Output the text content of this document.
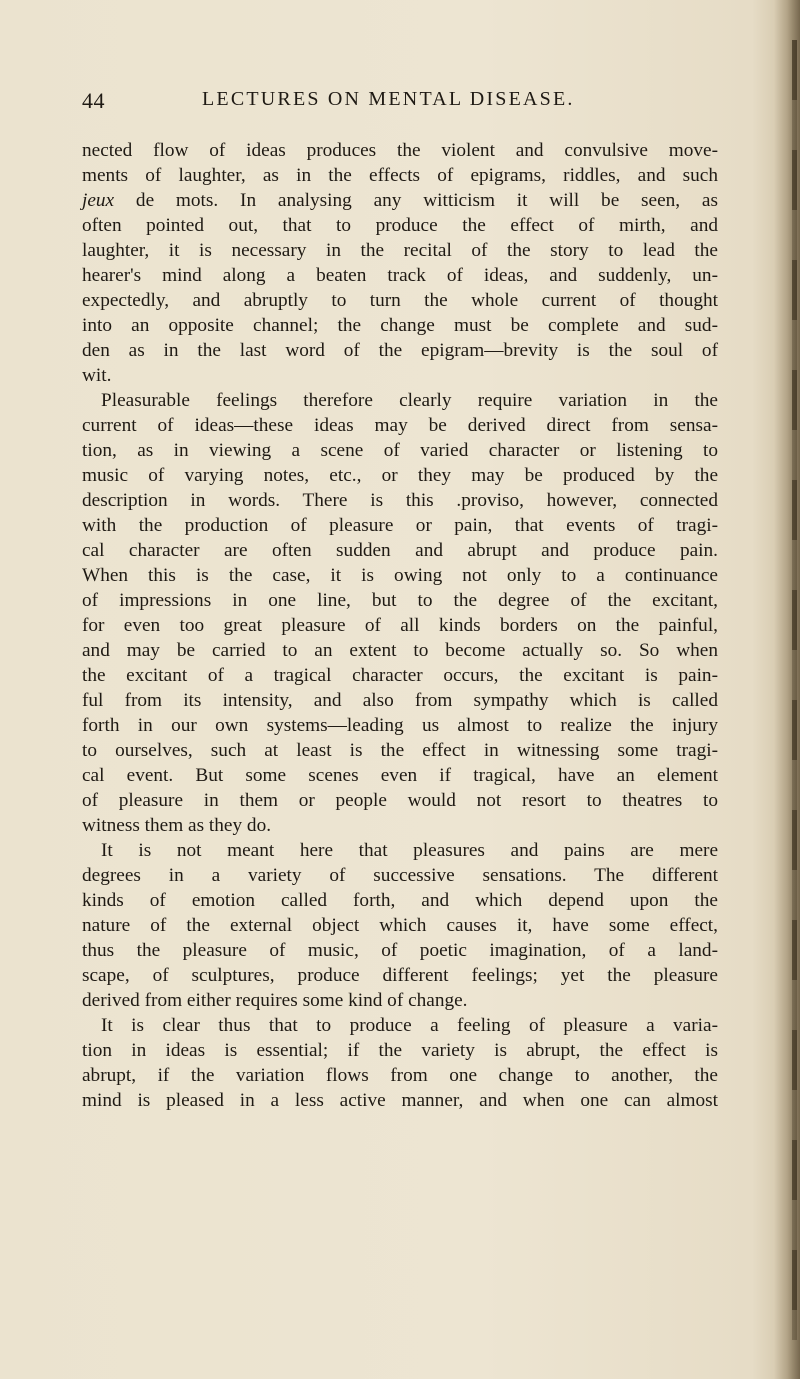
44	LECTURES ON MENTAL DISEASE.
nected flow of ideas produces the violent and convulsive move-
ments of laughter, as in the effects of epigrams, riddles, and such
jeux de mots. In analysing any witticism it will be seen, as
often pointed out, that to produce the effect of mirth, and
laughter, it is necessary in the recital of the story to lead the
hearer's mind along a beaten track of ideas, and suddenly, un-
expectedly, and abruptly to turn the whole current of thought
into an opposite channel; the change must be complete and sud-
den as in the last word of the epigram—brevity is the soul of
wit.
Pleasurable feelings therefore clearly require variation in the
current of ideas—these ideas may be derived direct from sensa-
tion, as in viewing a scene of varied character or listening to
music of varying notes, etc., or they may be produced by the
description in words. There is this .proviso, however, connected
with the production of pleasure or pain, that events of tragi-
cal character are often sudden and abrupt and produce pain.
When this is the case, it is owing not only to a continuance
of impressions in one line, but to the degree of the excitant,
for even too great pleasure of all kinds borders on the painful,
and may be carried to an extent to become actually so. So when
the excitant of a tragical character occurs, the excitant is pain-
ful from its intensity, and also from sympathy which is called
forth in our own systems—leading us almost to realize the injury
to ourselves, such at least is the effect in witnessing some tragi-
cal event. But some scenes even if tragical, have an element
of pleasure in them or people would not resort to theatres to
witness them as they do.
It is not meant here that pleasures and pains are mere
degrees in a variety of successive sensations. The different
kinds of emotion called forth, and which depend upon the
nature of the external object which causes it, have some effect,
thus the pleasure of music, of poetic imagination, of a land-
scape, of sculptures, produce different feelings; yet the pleasure
derived from either requires some kind of change.
It is clear thus that to produce a feeling of pleasure a varia-
tion in ideas is essential; if the variety is abrupt, the effect is
abrupt, if the variation flows from one change to another, the
mind is pleased in a less active manner, and when one can almost
